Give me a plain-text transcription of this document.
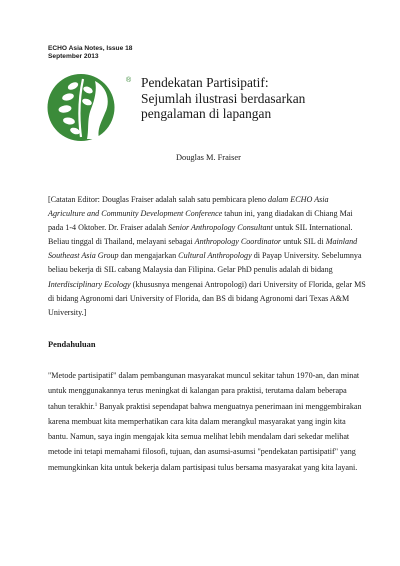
ECHO Asia Notes, Issue 18
September 2013
® Pendekatan Partisipatif:
Sejumlah ilustrasi berdasarkan
pengalaman di lapangan
Douglas M. Fraiser
[Catatan Editor: Douglas Fraiser adalah salah satu pembicara pleno dalam ECHO Asia Agriculture and Community Development Conference tahun ini, yang diadakan di Chiang Mai pada 1-4 Oktober. Dr. Fraiser adalah Senior Anthropology Consultant untuk SIL International. Beliau tinggal di Thailand, melayani sebagai Anthropology Coordinator untuk SIL di Mainland Southeast Asia Group dan mengajarkan Cultural Anthropology di Payap University. Sebelumnya beliau bekerja di SIL cabang Malaysia dan Filipina. Gelar PhD penulis adalah di bidang Interdisciplinary Ecology (khususnya mengenai Antropologi) dari University of Florida, gelar MS di bidang Agronomi dari University of Florida, dan BS di bidang Agronomi dari Texas A&M University.]
Pendahuluan
"Metode partisipatif" dalam pembangunan masyarakat muncul sekitar tahun 1970-an, dan minat untuk menggunakannya terus meningkat di kalangan para praktisi, terutama dalam beberapa tahun terakhir.$^1$ Banyak praktisi sependapat bahwa menguatnya penerimaan ini menggembirakan karena membuat kita memperhatikan cara kita dalam merangkul masyarakat yang ingin kita bantu. Namun, saya ingin mengajak kita semua melihat lebih mendalam dari sekedar melihat metode ini tetapi memahami filosofi, tujuan, dan asumsi-asumsi "pendekatan partisipatif" yang memungkinkan kita untuk bekerja dalam partisipasi tulus bersama masyarakat yang kita layani.
